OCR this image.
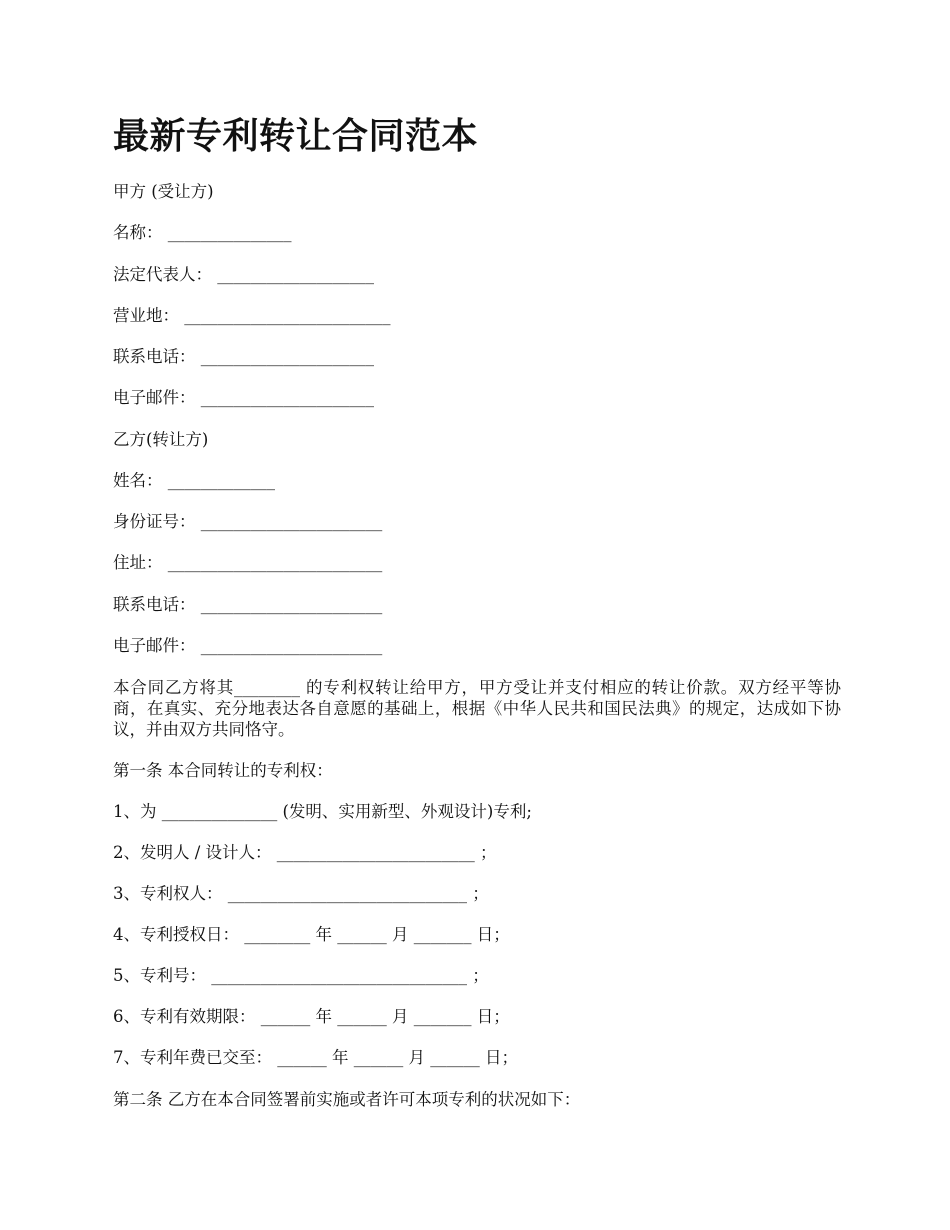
最新专利转让合同范本
甲方 (受让方)
名称： _______________
法定代表人： ___________________
营业地： _________________________
联系电话： _____________________
电子邮件： _____________________
乙方(转让方)
姓名： _____________
身份证号： ______________________
住址： __________________________
联系电话： ______________________
电子邮件： ______________________
本合同乙方将其________ 的专利权转让给甲方，甲方受让并支付相应的转让价款。双方经平等协商，在真实、充分地表达各自意愿的基础上，根据《中华人民共和国民法典》的规定，达成如下协议，并由双方共同恪守。
第一条 本合同转让的专利权：
1、为 ______________ (发明、实用新型、外观设计)专利;
2、发明人 / 设计人： ________________________ ；
3、专利权人： _____________________________ ；
4、专利授权日： ________ 年 ______ 月 _______ 日；
5、专利号： _______________________________ ；
6、专利有效期限： ______ 年 ______ 月 _______ 日；
7、专利年费已交至： ______ 年 ______ 月 ______ 日；
第二条 乙方在本合同签署前实施或者许可本项专利的状况如下：
